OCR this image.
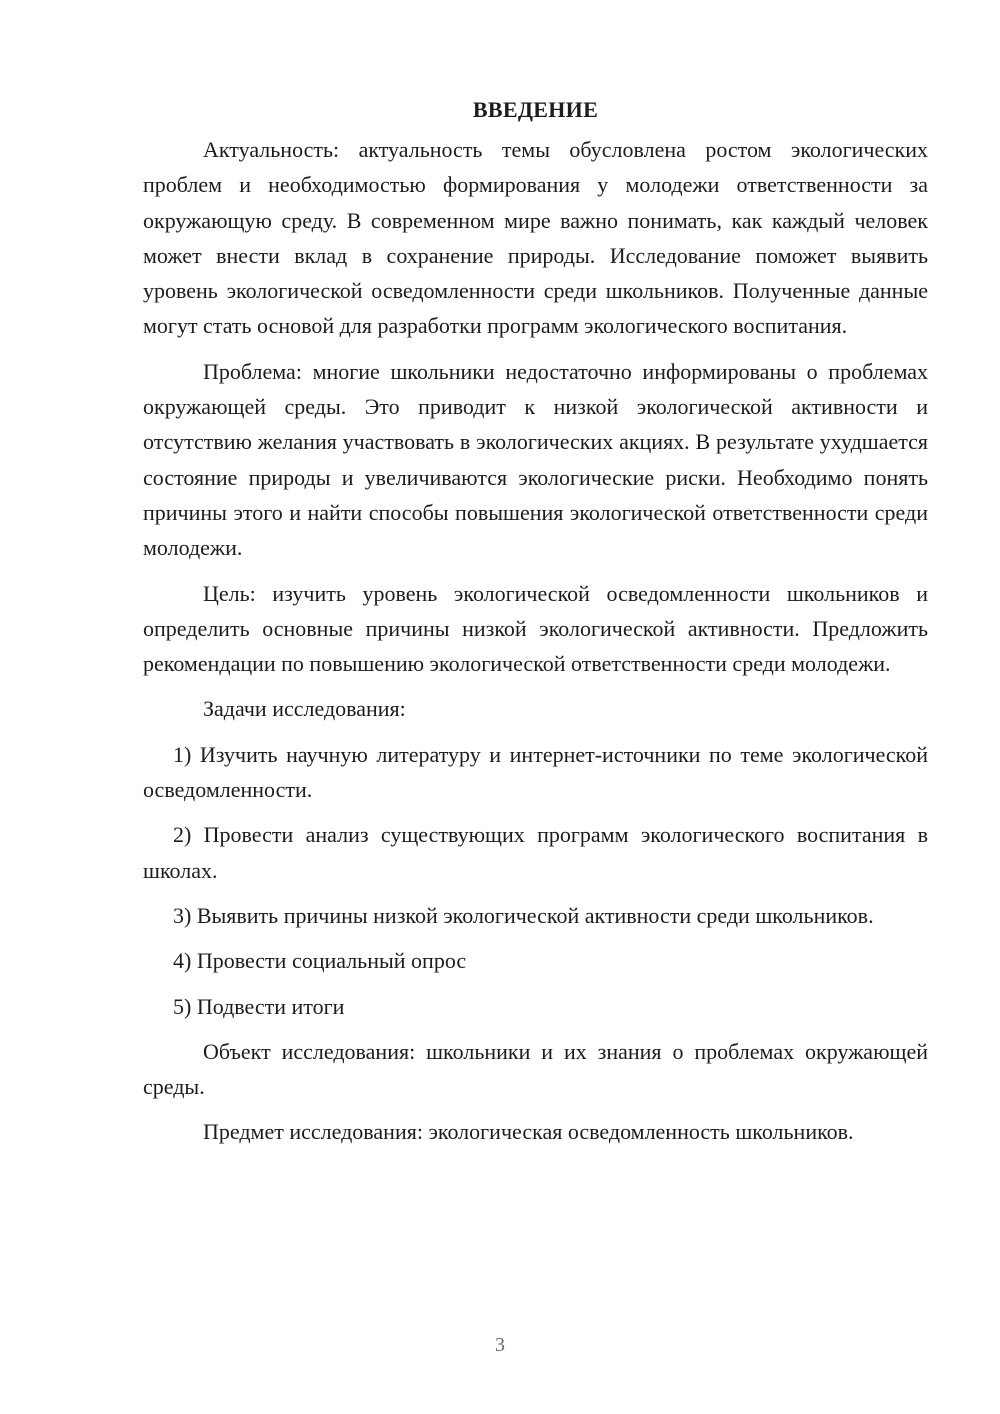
ВВЕДЕНИЕ

Актуальность: актуальность темы обусловлена ростом экологических проблем и необходимостью формирования у молодежи ответственности за окружающую среду. В современном мире важно понимать, как каждый человек может внести вклад в сохранение природы. Исследование поможет выявить уровень экологической осведомленности среди школьников. Полученные данные могут стать основой для разработки программ экологического воспитания.

Проблема: многие школьники недостаточно информированы о проблемах окружающей среды. Это приводит к низкой экологической активности и отсутствию желания участвовать в экологических акциях. В результате ухудшается состояние природы и увеличиваются экологические риски. Необходимо понять причины этого и найти способы повышения экологической ответственности среди молодежи.

Цель: изучить уровень экологической осведомленности школьников и определить основные причины низкой экологической активности. Предложить рекомендации по повышению экологической ответственности среди молодежи.

Задачи исследования:

1) Изучить научную литературу и интернет-источники по теме экологической осведомленности.

2) Провести анализ существующих программ экологического воспитания в школах.

3) Выявить причины низкой экологической активности среди школьников.

4) Провести социальный опрос

5) Подвести итоги

Объект исследования: школьники и их знания о проблемах окружающей среды.

Предмет исследования: экологическая осведомленность школьников.

3
